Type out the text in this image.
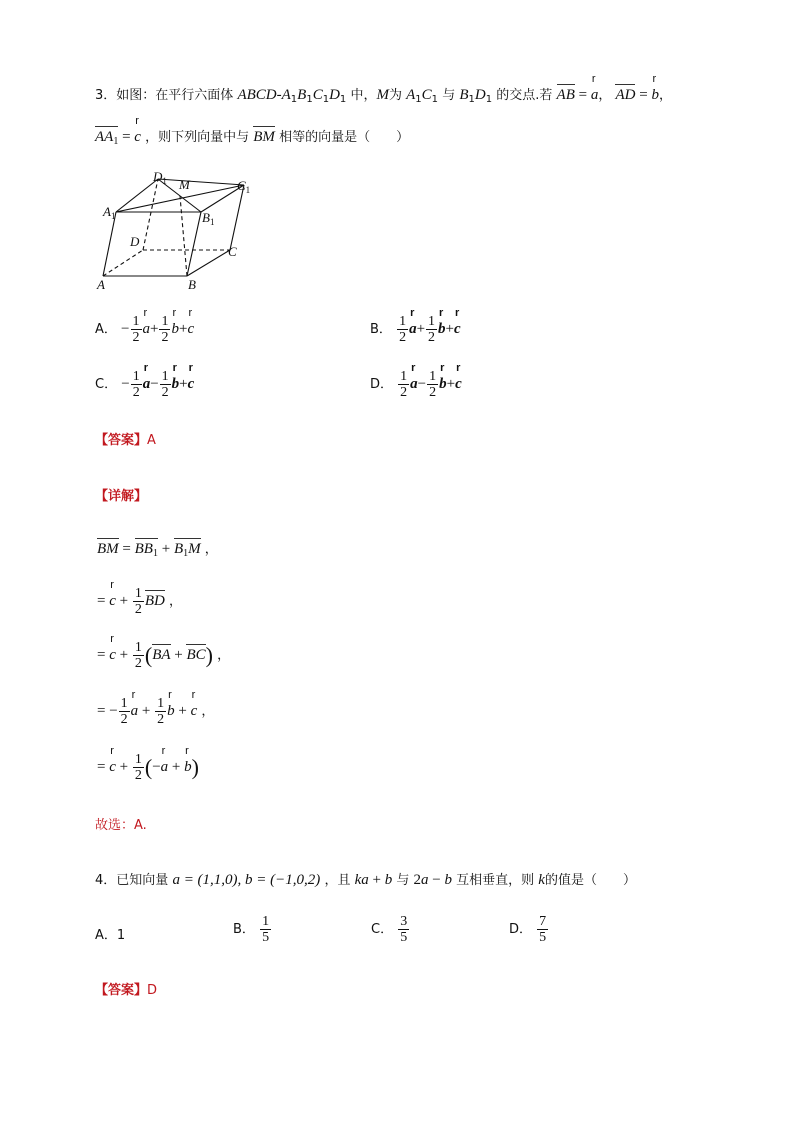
3．如图：在平行六面体 ABCD-$A_1B_1C_1D_1$ 中，M为 $A_1C_1$ 与 $B_1D_1$ 的交点.若 AB = r a， AD = r b，
$AA_1 = r$ c ，则下列向量中与 BM 相等的向量是（　　）
$D_1$ M	$C_1$
$A_1$	$B_1$
D
C
A	B
A． − $\frac{1}{2}$ r $a+ \frac{1}{2}$ r b+r c	B． $\frac{1}{2}$ r $a+ \frac{1}{2}$ r b+r c
C． − $\frac{1}{2}$ r $a- \frac{1}{2}$ r b+r c	D． $\frac{1}{2}$ r $a- \frac{1}{2}$ r b+r c
【答案】A
【详解】
BM = $BB_1 + B_1M$ ，
= r $c + \frac{1}{2}$ BD ，
= r $c + \frac{1}{2} (BA + BC)$ ，
= − $\frac{1}{2}$ r $a + \frac{1}{2}$ r b + r c ，
= r $c + \frac{1}{2} (-r$ a + r b)
故选：A.
4．已知向量 a = (1,1,0), b = (−1,0,2) ，且 ka + b 与 2a − b 互相垂直，则 k的值是（　　）
A．1	B． $\frac{1}{5}$	C． $\frac{3}{5}$	D． $\frac{7}{5}$
【答案】D
